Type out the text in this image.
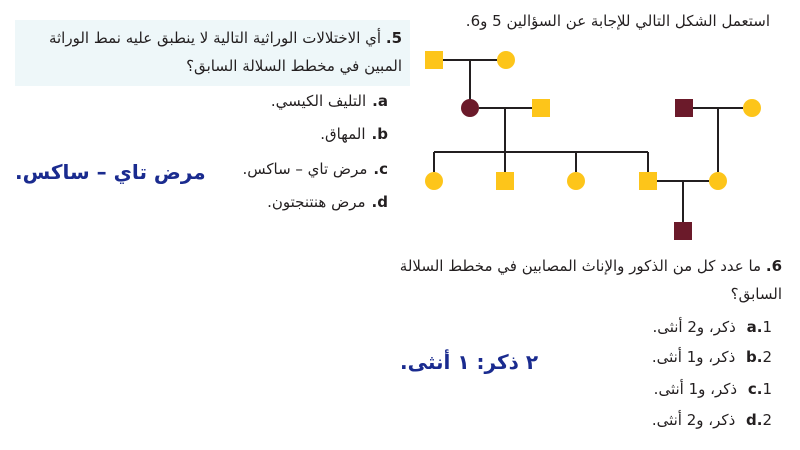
استعمل الشكل التالي للإجابة عن السؤالين 5 و6.
5. أي الاختلالات الوراثية التالية لا ينطبق عليه نمط الوراثة المبين في مخطط السلالة السابق؟
a.التليف الكيسي.
b.المهاق.
c.مرض تاي – ساكس.
d.مرض هنتنجتون.
مرض تاي – ساكس.
6. ما عدد كل من الذكور والإناث المصابين في مخطط السلالة السابق؟
a.1 ذكر، و2 أنثى.
b.2 ذكر، و1 أنثى.
c.1 ذكر، و1 أنثى.
d.2 ذكر، و2 أنثى.
٢ ذكر: ١ أنثى.
